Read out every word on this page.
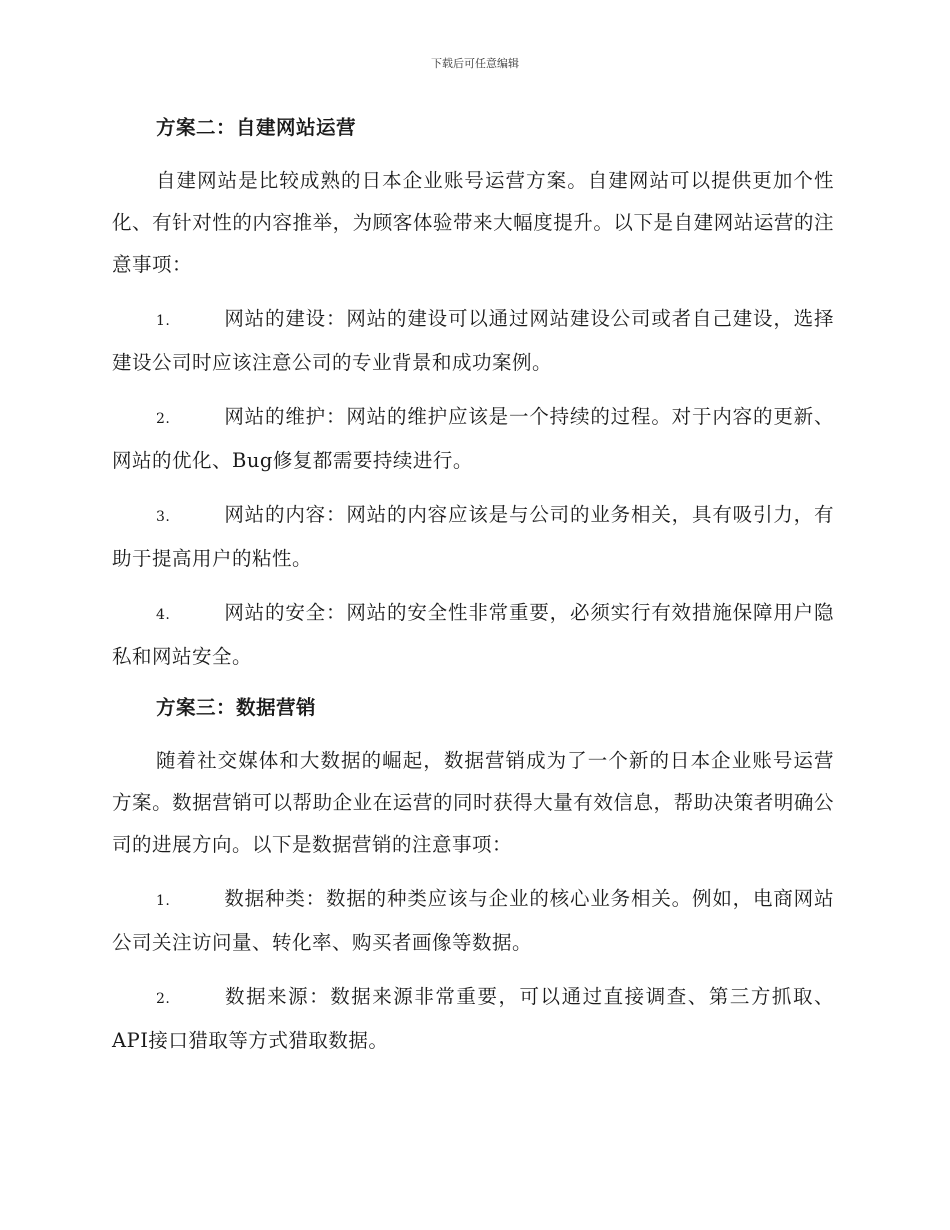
下载后可任意编辑
方案二：自建网站运营

自建网站是比较成熟的日本企业账号运营方案。自建网站可以提供更加个性化、有针对性的内容推举，为顾客体验带来大幅度提升。以下是自建网站运营的注意事项：

1.	网站的建设：网站的建设可以通过网站建设公司或者自己建设，选择建设公司时应该注意公司的专业背景和成功案例。

2.	网站的维护：网站的维护应该是一个持续的过程。对于内容的更新、网站的优化、Bug修复都需要持续进行。

3.	网站的内容：网站的内容应该是与公司的业务相关，具有吸引力，有助于提高用户的粘性。

4.	网站的安全：网站的安全性非常重要，必须实行有效措施保障用户隐私和网站安全。

方案三：数据营销

随着社交媒体和大数据的崛起，数据营销成为了一个新的日本企业账号运营方案。数据营销可以帮助企业在运营的同时获得大量有效信息，帮助决策者明确公司的进展方向。以下是数据营销的注意事项：

1.	数据种类：数据的种类应该与企业的核心业务相关。例如，电商网站公司关注访问量、转化率、购买者画像等数据。

2.	数据来源：数据来源非常重要，可以通过直接调查、第三方抓取、API接口猎取等方式猎取数据。
